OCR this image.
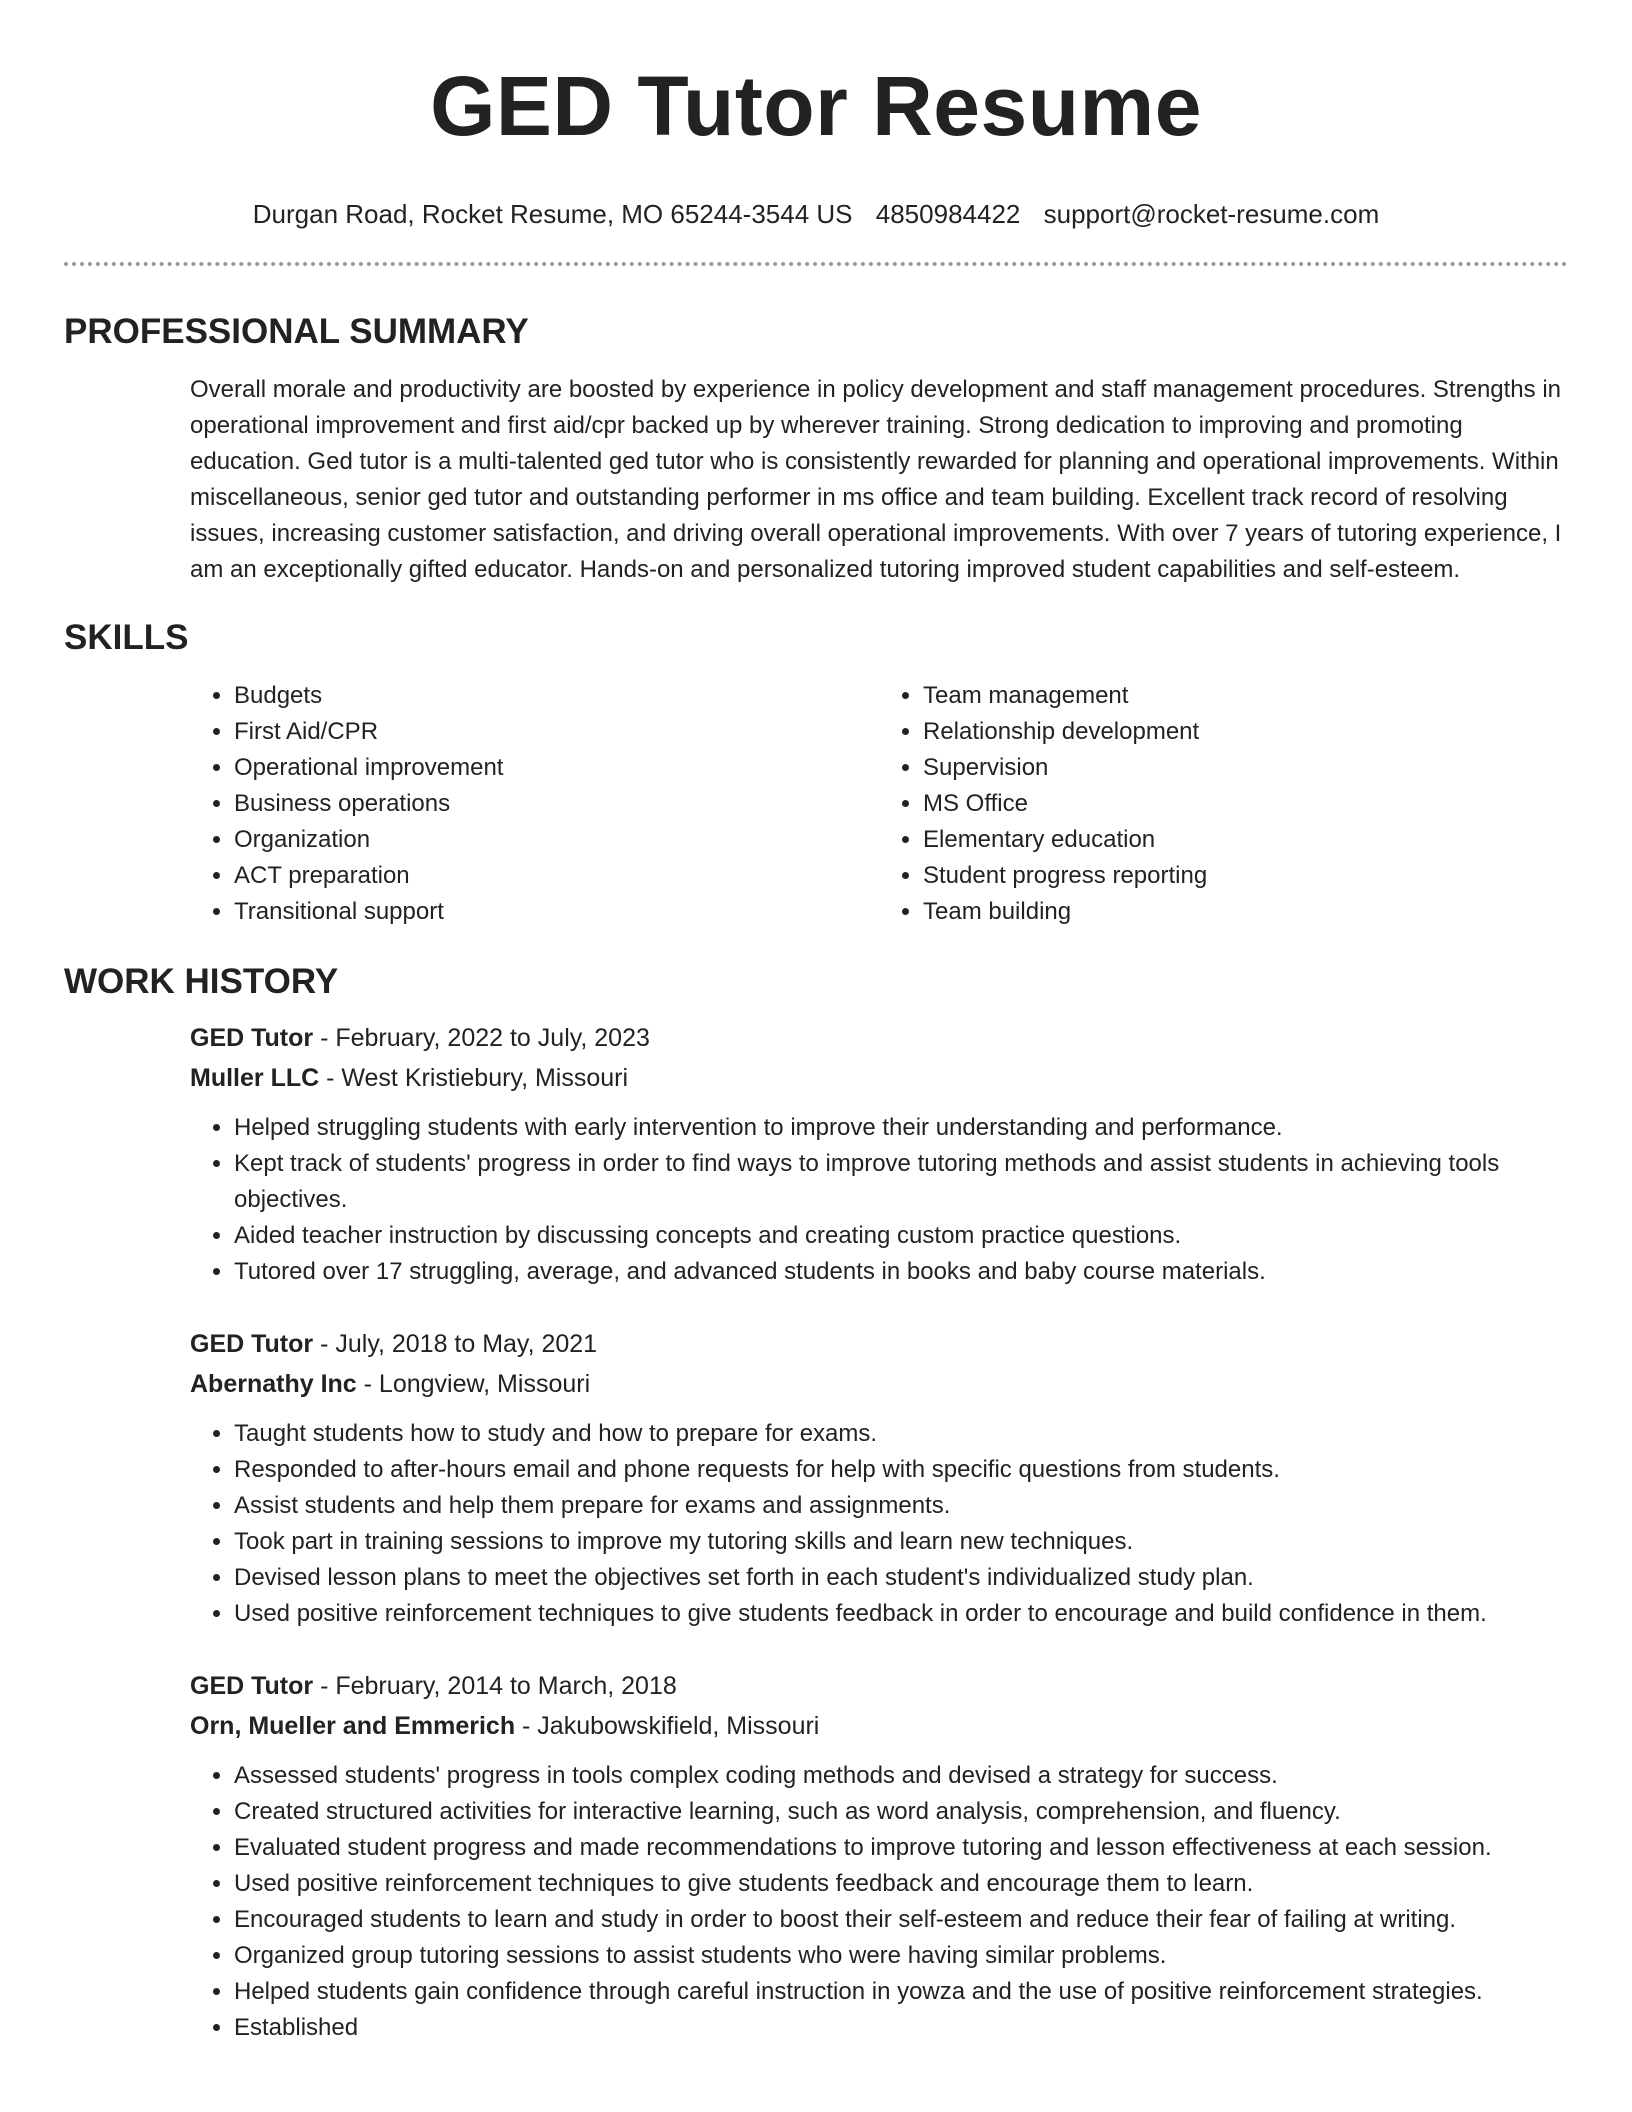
GED Tutor Resume
Durgan Road, Rocket Resume, MO 65244-3544 US 4850984422 support@rocket-resume.com
PROFESSIONAL SUMMARY

Overall morale and productivity are boosted by experience in policy development and staff management procedures. Strengths in operational improvement and first aid/cpr backed up by wherever training. Strong dedication to improving and promoting education. Ged tutor is a multi-talented ged tutor who is consistently rewarded for planning and operational improvements. Within miscellaneous, senior ged tutor and outstanding performer in ms office and team building. Excellent track record of resolving issues, increasing customer satisfaction, and driving overall operational improvements. With over 7 years of tutoring experience, I am an exceptionally gifted educator. Hands-on and personalized tutoring improved student capabilities and self-esteem.

SKILLS
• Budgets
• First Aid/CPR
• Operational improvement
• Business operations
• Organization
• ACT preparation
• Transitional support
• Team management
• Relationship development
• Supervision
• MS Office
• Elementary education
• Student progress reporting
• Team building
WORK HISTORY
GED Tutor - February, 2022 to July, 2023
Muller LLC - West Kristiebury, Missouri
• Helped struggling students with early intervention to improve their understanding and performance.
• Kept track of students' progress in order to find ways to improve tutoring methods and assist students in achieving tools objectives.
• Aided teacher instruction by discussing concepts and creating custom practice questions.
• Tutored over 17 struggling, average, and advanced students in books and baby course materials.
GED Tutor - July, 2018 to May, 2021
Abernathy Inc - Longview, Missouri
• Taught students how to study and how to prepare for exams.
• Responded to after-hours email and phone requests for help with specific questions from students.
• Assist students and help them prepare for exams and assignments.
• Took part in training sessions to improve my tutoring skills and learn new techniques.
• Devised lesson plans to meet the objectives set forth in each student's individualized study plan.
• Used positive reinforcement techniques to give students feedback in order to encourage and build confidence in them.
GED Tutor - February, 2014 to March, 2018
Orn, Mueller and Emmerich - Jakubowskifield, Missouri
• Assessed students' progress in tools complex coding methods and devised a strategy for success.
• Created structured activities for interactive learning, such as word analysis, comprehension, and fluency.
• Evaluated student progress and made recommendations to improve tutoring and lesson effectiveness at each session.
• Used positive reinforcement techniques to give students feedback and encourage them to learn.
• Encouraged students to learn and study in order to boost their self-esteem and reduce their fear of failing at writing.
• Organized group tutoring sessions to assist students who were having similar problems.
• Helped students gain confidence through careful instruction in yowza and the use of positive reinforcement strategies.
• Established
